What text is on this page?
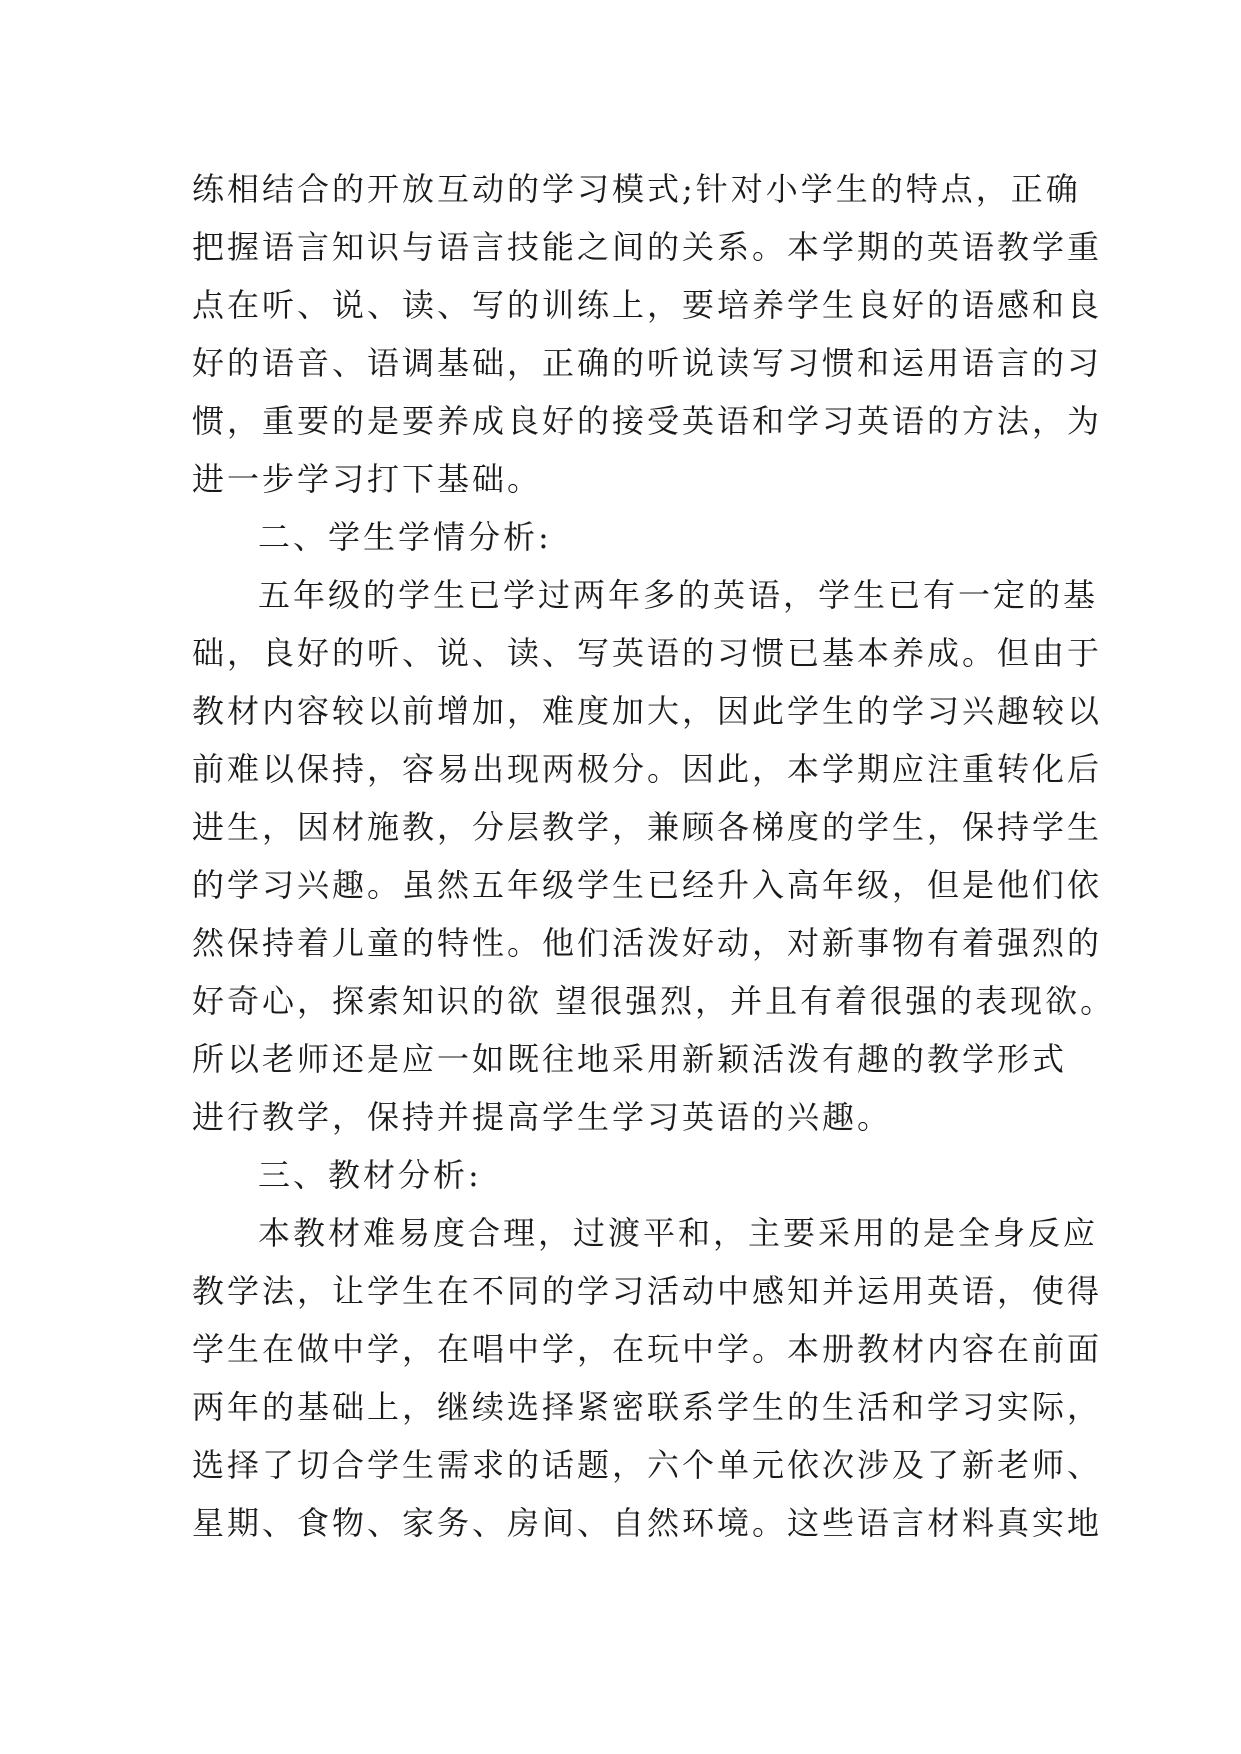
练相结合的开放互动的学习模式;针对小学生的特点，正确
把握语言知识与语言技能之间的关系。本学期的英语教学重
点在听、说、读、写的训练上，要培养学生良好的语感和良
好的语音、语调基础，正确的听说读写习惯和运用语言的习
惯，重要的是要养成良好的接受英语和学习英语的方法，为
进一步学习打下基础。
二、学生学情分析:
五年级的学生已学过两年多的英语，学生已有一定的基
础，良好的听、说、读、写英语的习惯已基本养成。但由于
教材内容较以前增加，难度加大，因此学生的学习兴趣较以
前难以保持，容易出现两极分。因此，本学期应注重转化后
进生，因材施教，分层教学，兼顾各梯度的学生，保持学生
的学习兴趣。虽然五年级学生已经升入高年级，但是他们依
然保持着儿童的特性。他们活泼好动，对新事物有着强烈的
好奇心，探索知识的欲 望很强烈，并且有着很强的表现欲。
所以老师还是应一如既往地采用新颖活泼有趣的教学形式
进行教学，保持并提高学生学习英语的兴趣。
三、教材分析:
本教材难易度合理，过渡平和，主要采用的是全身反应
教学法，让学生在不同的学习活动中感知并运用英语，使得
学生在做中学，在唱中学，在玩中学。本册教材内容在前面
两年的基础上，继续选择紧密联系学生的生活和学习实际，
选择了切合学生需求的话题，六个单元依次涉及了新老师、
星期、食物、家务、房间、自然环境。这些语言材料真实地
